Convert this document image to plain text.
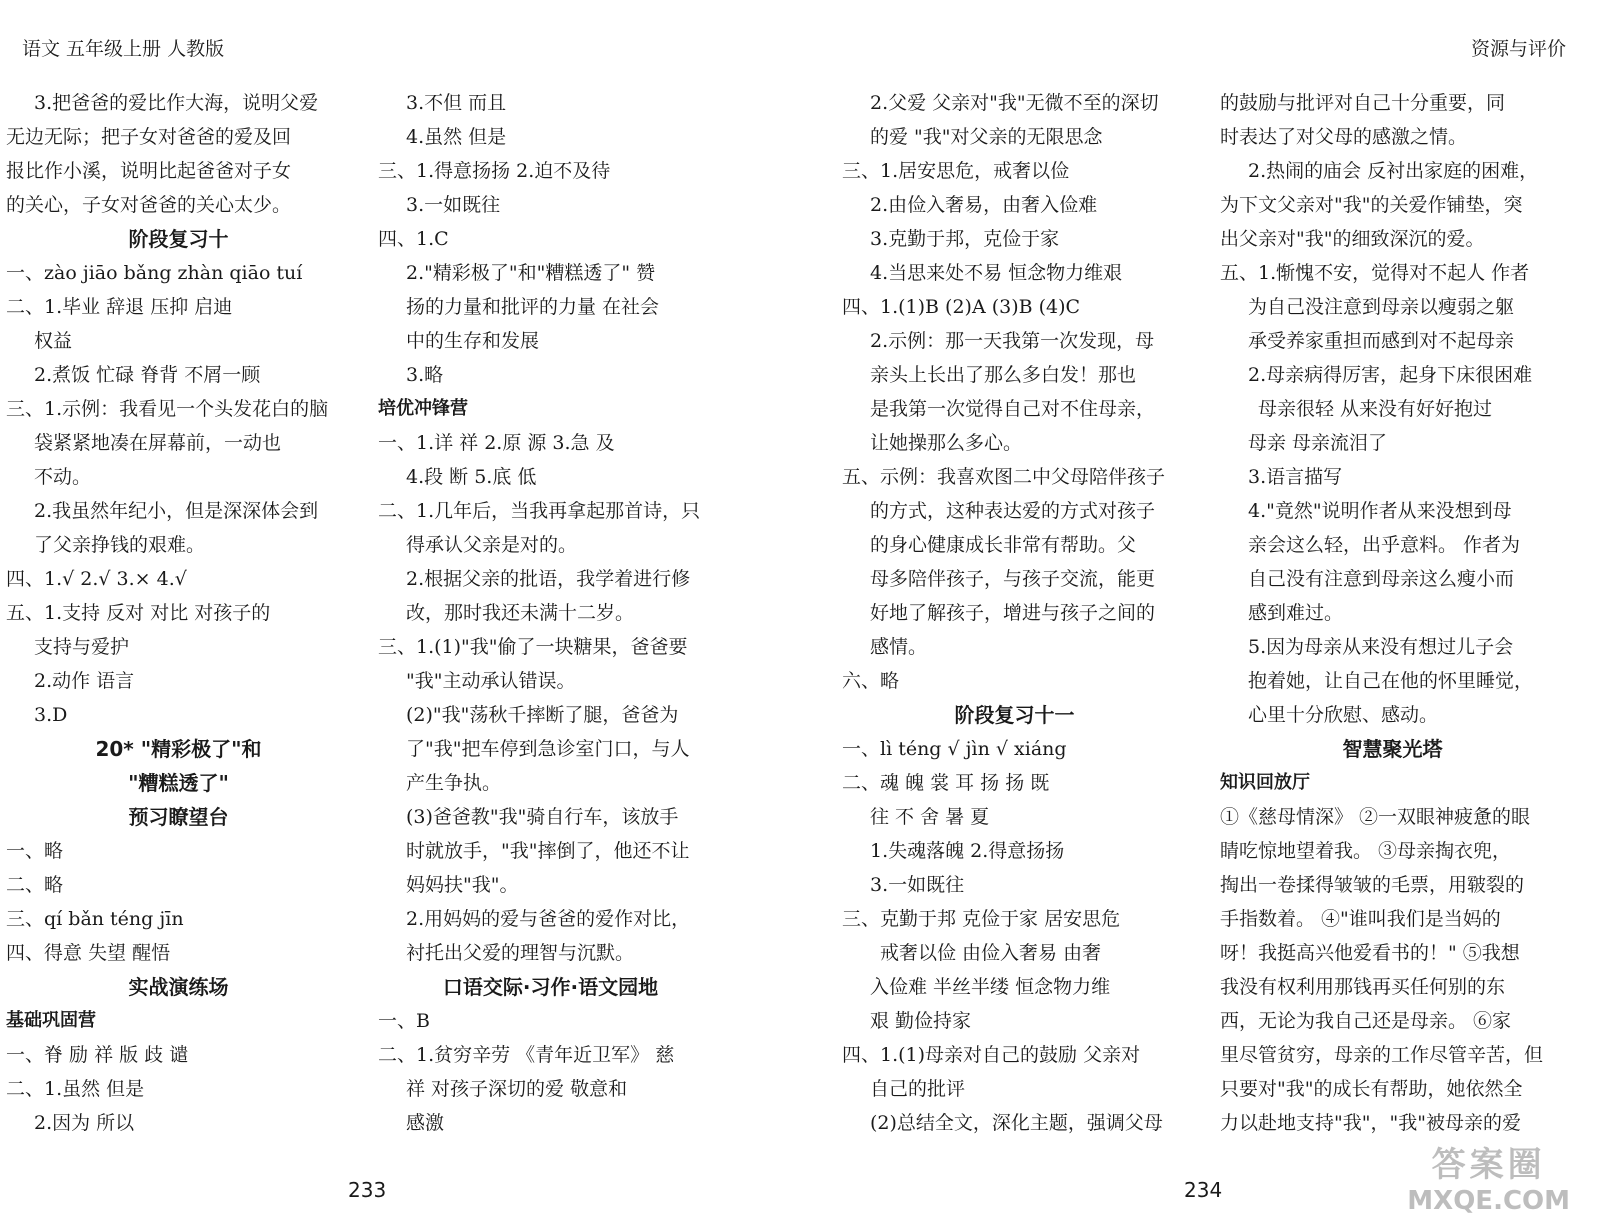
语文 五年级上册 人教版	资源与评价
3.把爸爸的爱比作大海，说明父爱
无边无际；把子女对爸爸的爱及回
报比作小溪，说明比起爸爸对子女
的关心，子女对爸爸的关心太少。
阶段复习十
一、zào jiāo bǎng zhàn qiāo tuí
二、1.毕业 辞退 压抑 启迪
权益
2.煮饭 忙碌 脊背 不屑一顾
三、1.示例：我看见一个头发花白的脑
袋紧紧地凑在屏幕前，一动也
不动。
2.我虽然年纪小，但是深深体会到
了父亲挣钱的艰难。
四、1.√ 2.√ 3.× 4.√
五、1.支持 反对 对比 对孩子的
支持与爱护
2.动作 语言
3.D
20* "精彩极了"和
"糟糕透了"
预习瞭望台
一、略
二、略
三、qí bǎn téng jīn
四、得意 失望 醒悟
实战演练场
基础巩固营
一、脊 励 祥 版 歧 谴
二、1.虽然 但是
2.因为 所以
3.不但 而且
4.虽然 但是
三、1.得意扬扬 2.迫不及待
3.一如既往
四、1.C
2."精彩极了"和"糟糕透了" 赞
扬的力量和批评的力量 在社会
中的生存和发展
3.略
培优冲锋营
一、1.详 祥 2.原 源 3.急 及
4.段 断 5.底 低
二、1.几年后，当我再拿起那首诗，只
得承认父亲是对的。
2.根据父亲的批语，我学着进行修
改，那时我还未满十二岁。
三、1.(1)"我"偷了一块糖果，爸爸要
"我"主动承认错误。
(2)"我"荡秋千摔断了腿，爸爸为
了"我"把车停到急诊室门口，与人
产生争执。
(3)爸爸教"我"骑自行车，该放手
时就放手，"我"摔倒了，他还不让
妈妈扶"我"。
2.用妈妈的爱与爸爸的爱作对比，
衬托出父爱的理智与沉默。
口语交际·习作·语文园地
一、B
二、1.贫穷辛劳 《青年近卫军》 慈
祥 对孩子深切的爱 敬意和
感激
2.父爱 父亲对"我"无微不至的深切
的爱 "我"对父亲的无限思念
三、1.居安思危，戒奢以俭
2.由俭入奢易，由奢入俭难
3.克勤于邦，克俭于家
4.当思来处不易 恒念物力维艰
四、1.(1)B (2)A (3)B (4)C
2.示例：那一天我第一次发现，母
亲头上长出了那么多白发！那也
是我第一次觉得自己对不住母亲，
让她操那么多心。
五、示例：我喜欢图二中父母陪伴孩子
的方式，这种表达爱的方式对孩子
的身心健康成长非常有帮助。父
母多陪伴孩子，与孩子交流，能更
好地了解孩子，增进与孩子之间的
感情。
六、略
阶段复习十一
一、lì téng √ jìn √ xiáng
二、魂 魄 裳 耳 扬 扬 既
往 不 舍 暑 夏
1.失魂落魄 2.得意扬扬
3.一如既往
三、克勤于邦 克俭于家 居安思危
戒奢以俭 由俭入奢易 由奢
入俭难 半丝半缕 恒念物力维
艰 勤俭持家
四、1.(1)母亲对自己的鼓励 父亲对
自己的批评
(2)总结全文，深化主题，强调父母
的鼓励与批评对自己十分重要，同
时表达了对父母的感激之情。
2.热闹的庙会 反衬出家庭的困难，
为下文父亲对"我"的关爱作铺垫，突
出父亲对"我"的细致深沉的爱。
五、1.惭愧不安，觉得对不起人 作者
为自己没注意到母亲以瘦弱之躯
承受养家重担而感到对不起母亲
2.母亲病得厉害，起身下床很困难
母亲很轻 从来没有好好抱过
母亲 母亲流泪了
3.语言描写
4."竟然"说明作者从来没想到母
亲会这么轻，出乎意料。 作者为
自己没有注意到母亲这么瘦小而
感到难过。
5.因为母亲从来没有想过儿子会
抱着她，让自己在他的怀里睡觉，
心里十分欣慰、感动。
智慧聚光塔
知识回放厅
①《慈母情深》 ②一双眼神疲惫的眼
睛吃惊地望着我。 ③母亲掏衣兜，
掏出一卷揉得皱皱的毛票，用皲裂的
手指数着。 ④"谁叫我们是当妈的
呀！我挺高兴他爱看书的！" ⑤我想
我没有权利用那钱再买任何别的东
西，无论为我自己还是母亲。 ⑥家
里尽管贫穷，母亲的工作尽管辛苦，但
只要对"我"的成长有帮助，她依然全
力以赴地支持"我"，"我"被母亲的爱
233	234
答案圈
MXQE.COM
